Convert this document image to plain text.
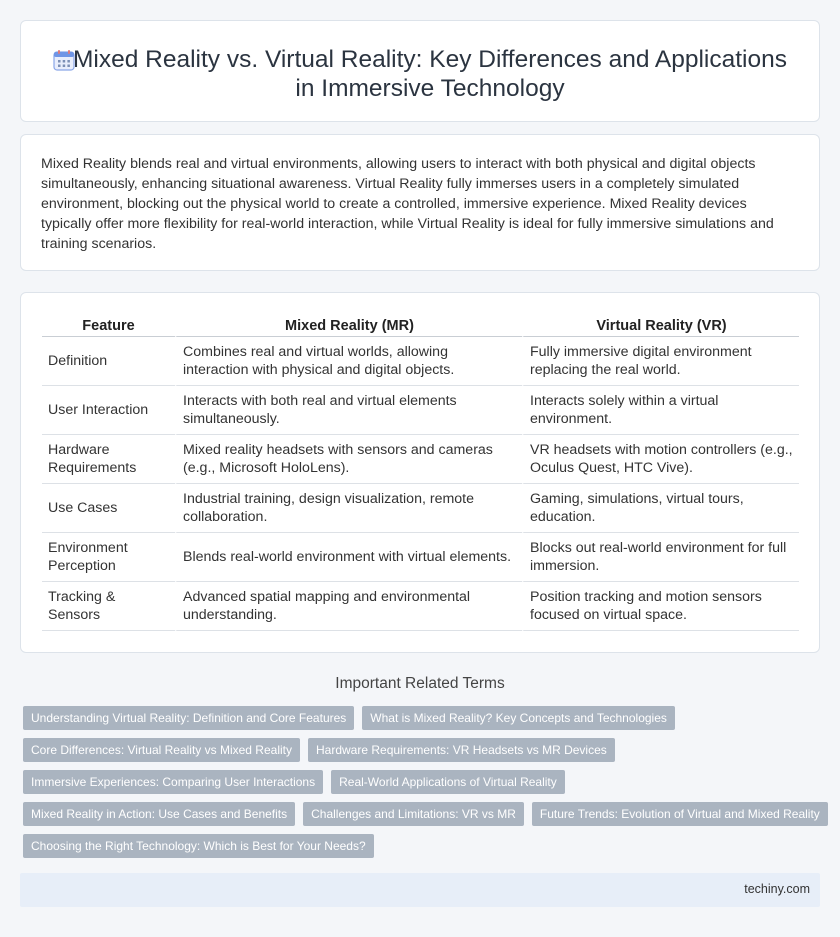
Mixed Reality vs. Virtual Reality: Key Differences and Applications in Immersive Technology

Mixed Reality blends real and virtual environments, allowing users to interact with both physical and digital objects simultaneously, enhancing situational awareness. Virtual Reality fully immerses users in a completely simulated environment, blocking out the physical world to create a controlled, immersive experience. Mixed Reality devices typically offer more flexibility for real-world interaction, while Virtual Reality is ideal for fully immersive simulations and training scenarios.

Feature	Mixed Reality (MR)	Virtual Reality (VR)
Definition	Combines real and virtual worlds, allowing interaction with physical and digital objects.	Fully immersive digital environment replacing the real world.
User Interaction	Interacts with both real and virtual elements simultaneously.	Interacts solely within a virtual environment.
Hardware Requirements	Mixed reality headsets with sensors and cameras (e.g., Microsoft HoloLens).	VR headsets with motion controllers (e.g., Oculus Quest, HTC Vive).
Use Cases	Industrial training, design visualization, remote collaboration.	Gaming, simulations, virtual tours, education.
Environment Perception	Blends real-world environment with virtual elements.	Blocks out real-world environment for full immersion.
Tracking & Sensors	Advanced spatial mapping and environmental understanding.	Position tracking and motion sensors focused on virtual space.
Important Related Terms
Understanding Virtual Reality: Definition and Core Features	What is Mixed Reality? Key Concepts and Technologies
Core Differences: Virtual Reality vs Mixed Reality	Hardware Requirements: VR Headsets vs MR Devices
Immersive Experiences: Comparing User Interactions	Real-World Applications of Virtual Reality
Mixed Reality in Action: Use Cases and Benefits	Challenges and Limitations: VR vs MR	Future Trends: Evolution of Virtual and Mixed Reality
Choosing the Right Technology: Which is Best for Your Needs?
techiny.com
